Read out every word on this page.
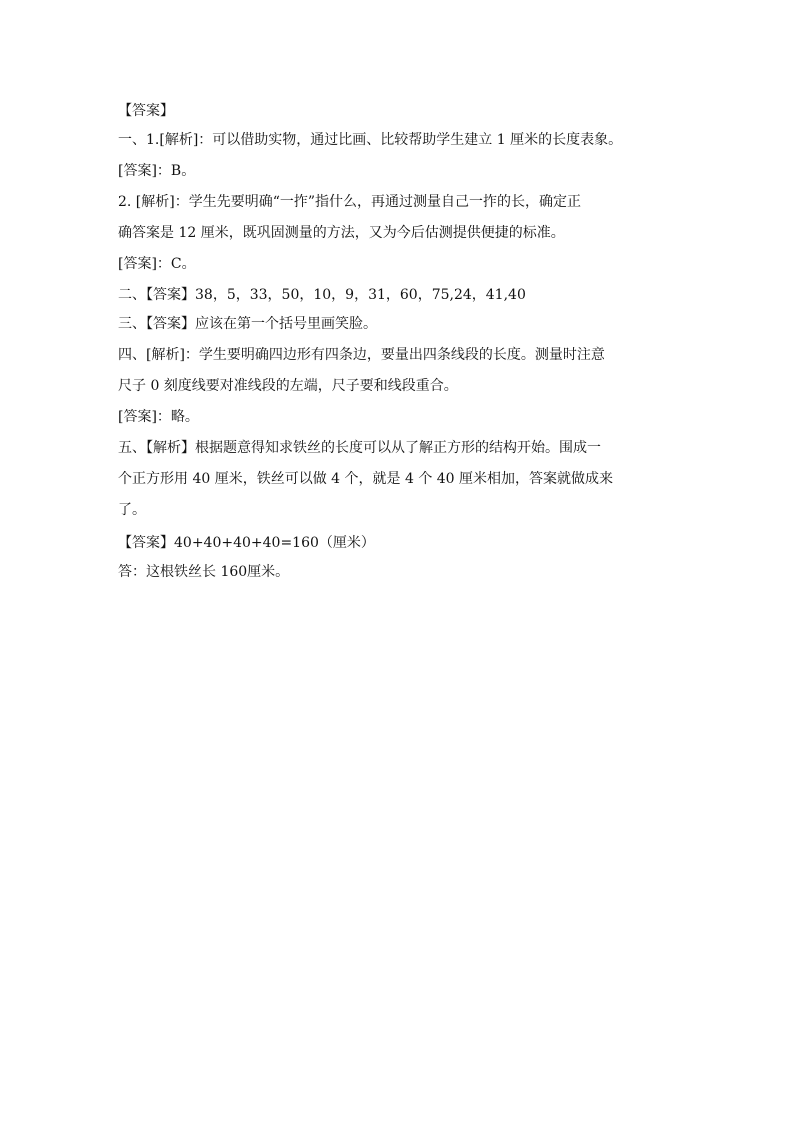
【答案】
一、1.[解析]：可以借助实物，通过比画、比较帮助学生建立 1 厘米的长度表象。
[答案]：B。
2. [解析]：学生先要明确“一拃”指什么，再通过测量自己一拃的长，确定正
确答案是 12 厘米，既巩固测量的方法，又为今后估测提供便捷的标准。
[答案]：C。
二、【答案】38，5，33，50，10，9，31，60，75,24，41,40
三、【答案】应该在第一个括号里画笑脸。
四、[解析]：学生要明确四边形有四条边，要量出四条线段的长度。测量时注意
尺子 0 刻度线要对准线段的左端，尺子要和线段重合。
[答案]：略。
五、【解析】根据题意得知求铁丝的长度可以从了解正方形的结构开始。围成一
个正方形用 40 厘米，铁丝可以做 4 个，就是 4 个 40 厘米相加，答案就做成来
了。
【答案】40+40+40+40=160（厘米）
答：这根铁丝长 160厘米。
